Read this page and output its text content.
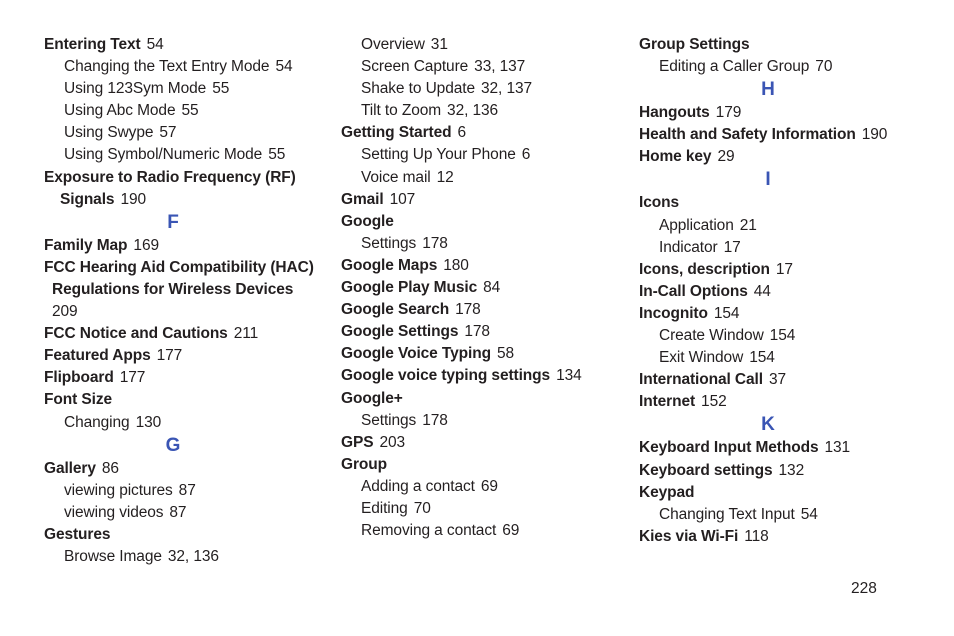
Entering Text 54
Changing the Text Entry Mode 54
Using 123Sym Mode 55
Using Abc Mode 55
Using Swype 57
Using Symbol/Numeric Mode 55
Exposure to Radio Frequency (RF)
Signals 190
F
Family Map 169
FCC Hearing Aid Compatibility (HAC)
Regulations for Wireless Devices
209
FCC Notice and Cautions 211
Featured Apps 177
Flipboard 177
Font Size
Changing 130
G
Gallery 86
viewing pictures 87
viewing videos 87
Gestures
Browse Image 32, 136
Overview 31
Screen Capture 33, 137
Shake to Update 32, 137
Tilt to Zoom 32, 136
Getting Started 6
Setting Up Your Phone 6
Voice mail 12
Gmail 107
Google
Settings 178
Google Maps 180
Google Play Music 84
Google Search 178
Google Settings 178
Google Voice Typing 58
Google voice typing settings 134
Google+
Settings 178
GPS 203
Group
Adding a contact 69
Editing 70
Removing a contact 69
Group Settings
Editing a Caller Group 70
H
Hangouts 179
Health and Safety Information 190
Home key 29
I
Icons
Application 21
Indicator 17
Icons, description 17
In-Call Options 44
Incognito 154
Create Window 154
Exit Window 154
International Call 37
Internet 152
K
Keyboard Input Methods 131
Keyboard settings 132
Keypad
Changing Text Input 54
Kies via Wi-Fi 118
228
